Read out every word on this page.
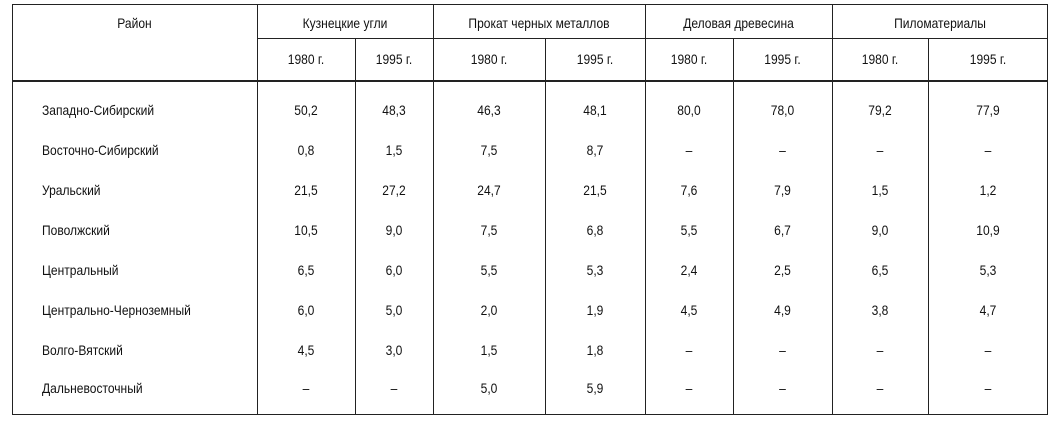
Район	Кузнецкие угли	Прокат черных металлов	Деловая древесина	Пиломатериалы
1980 г.	1995 г.	1980 г.	1995 г.	1980 г.	1995 г.	1980 г.	1995 г.
Западно-Сибирский	50,2	48,3	46,3	48,1	80,0	78,0	79,2	77,9
Восточно-Сибирский	0,8	1,5	7,5	8,7	–	–	–	–
Уральский	21,5	27,2	24,7	21,5	7,6	7,9	1,5	1,2
Поволжский	10,5	9,0	7,5	6,8	5,5	6,7	9,0	10,9
Центральный	6,5	6,0	5,5	5,3	2,4	2,5	6,5	5,3
Центрально-Черноземный	6,0	5,0	2,0	1,9	4,5	4,9	3,8	4,7
Волго-Вятский	4,5	3,0	1,5	1,8	–	–	–	–
Дальневосточный	–	–	5,0	5,9	–	–	–	–
